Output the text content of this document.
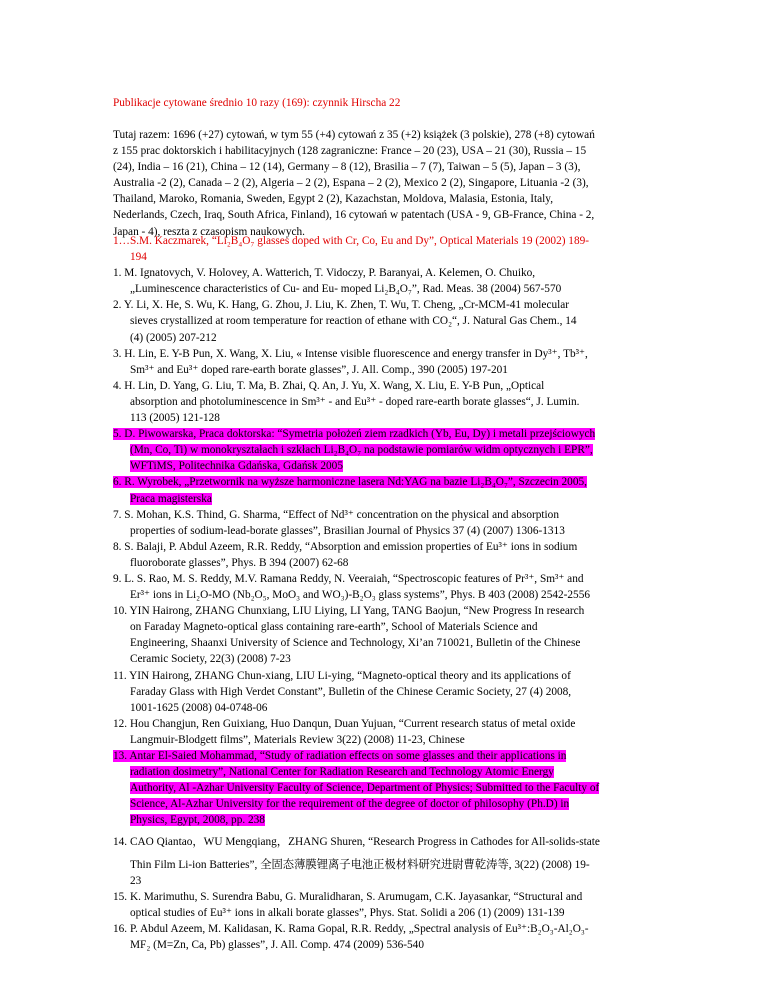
Publikacje cytowane średnio 10 razy (169): czynnik Hirscha 22

Tutaj razem: 1696 (+27) cytowań, w tym 55 (+4) cytowań z 35 (+2) książek (3 polskie), 278 (+8) cytowań
z 155 prac doktorskich i habilitacyjnych (128 zagraniczne: France – 20 (23), USA – 21 (30), Russia – 15
(24), India – 16 (21), China – 12 (14), Germany – 8 (12), Brasilia – 7 (7), Taiwan – 5 (5), Japan – 3 (3),
Australia -2 (2), Canada – 2 (2), Algeria – 2 (2), Espana – 2 (2), Mexico 2 (2), Singapore, Lituania -2 (3),
Thailand, Maroko, Romania, Sweden, Egypt 2 (2), Kazachstan, Moldova, Malasia, Estonia, Italy,
Nederlands, Czech, Iraq, South Africa, Finland), 16 cytowań w patentach (USA - 9, GB-France, China - 2,
Japan - 4), reszta z czasopism naukowych.
1…S.M. Kaczmarek, “Li₂B₄O₇ glasses doped with Cr, Co, Eu and Dy”, Optical Materials 19 (2002) 189-
194
1. M. Ignatovych, V. Holovey, A. Watterich, T. Vidoczy, P. Baranyai, A. Kelemen, O. Chuiko,
„Luminescence characteristics of Cu- and Eu- moped Li₂B₄O₇”, Rad. Meas. 38 (2004) 567-570
2. Y. Li, X. He, S. Wu, K. Hang, G. Zhou, J. Liu, K. Zhen, T. Wu, T. Cheng, „Cr-MCM-41 molecular
sieves crystallized at room temperature for reaction of ethane with CO₂“, J. Natural Gas Chem., 14
(4) (2005) 207-212
3. H. Lin, E. Y-B Pun, X. Wang, X. Liu, « Intense visible fluorescence and energy transfer in Dy³⁺, Tb³⁺,
Sm³⁺ and Eu³⁺ doped rare-earth borate glasses”, J. All. Comp., 390 (2005) 197-201
4. H. Lin, D. Yang, G. Liu, T. Ma, B. Zhai, Q. An, J. Yu, X. Wang, X. Liu, E. Y-B Pun, „Optical
absorption and photoluminescence in Sm³⁺ - and Eu³⁺ - doped rare-earth borate glasses“, J. Lumin.
113 (2005) 121-128
5. D. Piwowarska, Praca doktorska: “Symetria położeń ziem rzadkich (Yb, Eu, Dy) i metali przejściowych
(Mn, Co, Ti) w monokryształach i szkłach Li₂B₄O₇ na podstawie pomiarów widm optycznych i EPR”,
WFTiMS, Politechnika Gdańska, Gdańsk 2005
6. R. Wyrobek, „Przetwornik na wyższe harmoniczne lasera Nd:YAG na bazie Li₂B₄O₇”, Szczecin 2005,
Praca magisterska
7. S. Mohan, K.S. Thind, G. Sharma, “Effect of Nd³⁺ concentration on the physical and absorption
properties of sodium-lead-borate glasses”, Brasilian Journal of Physics 37 (4) (2007) 1306-1313
8. S. Balaji, P. Abdul Azeem, R.R. Reddy, “Absorption and emission properties of Eu³⁺ ions in sodium
fluoroborate glasses”, Phys. B 394 (2007) 62-68
9. L. S. Rao, M. S. Reddy, M.V. Ramana Reddy, N. Veeraiah, “Spectroscopic features of Pr³⁺, Sm³⁺ and
Er³⁺ ions in Li₂O-MO (Nb₂O₅, MoO₃ and WO₃)-B₂O₃ glass systems”, Phys. B 403 (2008) 2542-2556
10. YIN Hairong, ZHANG Chunxiang, LIU Liying, LI Yang, TANG Baojun, “New Progress In research
on Faraday Magneto-optical glass containing rare-earth”, School of Materials Science and
Engineering, Shaanxi University of Science and Technology, Xi’an 710021, Bulletin of the Chinese
Ceramic Society, 22(3) (2008) 7-23
11. YIN Hairong, ZHANG Chun-xiang, LIU Li-ying, “Magneto-optical theory and its applications of
Faraday Glass with High Verdet Constant”, Bulletin of the Chinese Ceramic Society, 27 (4) 2008,
1001-1625 (2008) 04-0748-06
12. Hou Changjun, Ren Guixiang, Huo Danqun, Duan Yujuan, “Current research status of metal oxide
Langmuir-Blodgett films”, Materials Review 3(22) (2008) 11-23, Chinese
13. Antar El-Saied Mohammad, “Study of radiation effects on some glasses and their applications in
radiation dosimetry”, National Center for Radiation Research and Technology Atomic Energy
Authority, Al -Azhar University Faculty of Science, Department of Physics; Submitted to the Faculty of
Science, Al-Azhar University for the requirement of the degree of doctor of philosophy (Ph.D) in
Physics, Egypt, 2008, pp. 238
14. CAO Qiantao，WU Mengqiang，ZHANG Shuren, “Research Progress in Cathodes for All-solids-state
Thin Film Li-ion Batteries”, 全固态薄膜锂离子电池正极材料研究进尉曹乾涛等, 3(22) (2008) 19-
23
15. K. Marimuthu, S. Surendra Babu, G. Muralidharan, S. Arumugam, C.K. Jayasankar, “Structural and
optical studies of Eu³⁺ ions in alkali borate glasses”, Phys. Stat. Solidi a 206 (1) (2009) 131-139
16. P. Abdul Azeem, M. Kalidasan, K. Rama Gopal, R.R. Reddy, „Spectral analysis of Eu³⁺:B₂O₃-Al₂O₃-
MF₂ (M=Zn, Ca, Pb) glasses”, J. All. Comp. 474 (2009) 536-540
